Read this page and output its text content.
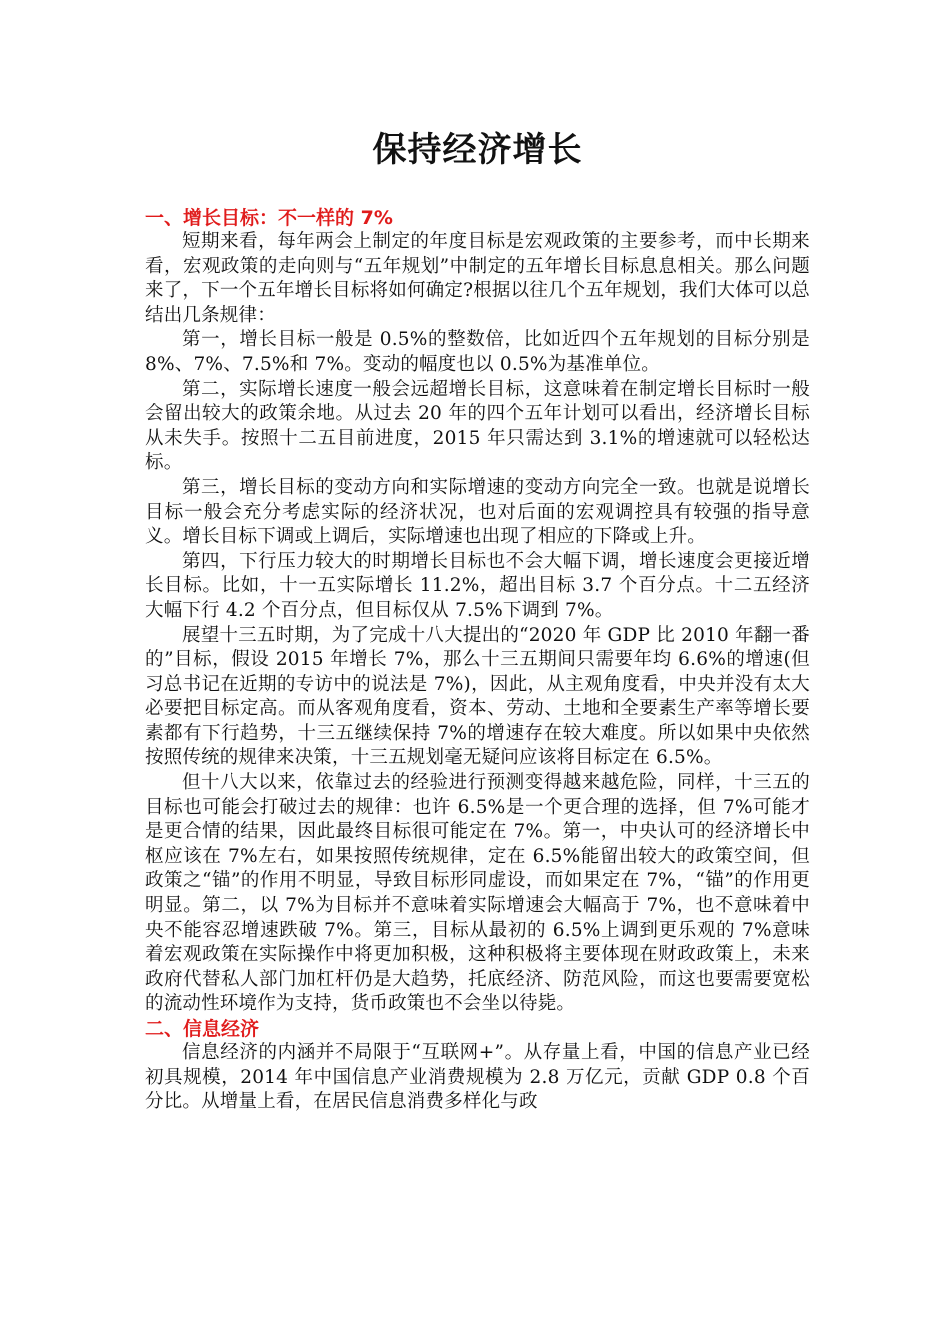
保持经济增长
一、增长目标：不一样的 7%

短期来看，每年两会上制定的年度目标是宏观政策的主要参考，而中长期来看，宏观政策的走向则与“五年规划”中制定的五年增长目标息息相关。那么问题来了，下一个五年增长目标将如何确定?根据以往几个五年规划，我们大体可以总结出几条规律：

第一，增长目标一般是 0.5%的整数倍，比如近四个五年规划的目标分别是 8%、7%、7.5%和 7%。变动的幅度也以 0.5%为基准单位。

第二，实际增长速度一般会远超增长目标，这意味着在制定增长目标时一般会留出较大的政策余地。从过去 20 年的四个五年计划可以看出，经济增长目标从未失手。按照十二五目前进度，2015 年只需达到 3.1%的增速就可以轻松达标。

第三，增长目标的变动方向和实际增速的变动方向完全一致。也就是说增长目标一般会充分考虑实际的经济状况，也对后面的宏观调控具有较强的指导意义。增长目标下调或上调后，实际增速也出现了相应的下降或上升。

第四，下行压力较大的时期增长目标也不会大幅下调，增长速度会更接近增长目标。比如，十一五实际增长 11.2%，超出目标 3.7 个百分点。十二五经济大幅下行 4.2 个百分点，但目标仅从 7.5%下调到 7%。

展望十三五时期，为了完成十八大提出的“2020 年 GDP 比 2010 年翻一番的”目标，假设 2015 年增长 7%，那么十三五期间只需要年均 6.6%的增速(但习总书记在近期的专访中的说法是 7%)，因此，从主观角度看，中央并没有太大必要把目标定高。而从客观角度看，资本、劳动、土地和全要素生产率等增长要素都有下行趋势，十三五继续保持 7%的增速存在较大难度。所以如果中央依然按照传统的规律来决策，十三五规划毫无疑问应该将目标定在 6.5%。

但十八大以来，依靠过去的经验进行预测变得越来越危险，同样，十三五的目标也可能会打破过去的规律：也许 6.5%是一个更合理的选择，但 7%可能才是更合情的结果，因此最终目标很可能定在 7%。第一，中央认可的经济增长中枢应该在 7%左右，如果按照传统规律，定在 6.5%能留出较大的政策空间，但政策之“锚”的作用不明显，导致目标形同虚设，而如果定在 7%，“锚”的作用更明显。第二，以 7%为目标并不意味着实际增速会大幅高于 7%，也不意味着中央不能容忍增速跌破 7%。第三，目标从最初的 6.5%上调到更乐观的 7%意味着宏观政策在实际操作中将更加积极，这种积极将主要体现在财政政策上，未来政府代替私人部门加杠杆仍是大趋势，托底经济、防范风险，而这也要需要宽松的流动性环境作为支持，货币政策也不会坐以待毙。

二、信息经济

信息经济的内涵并不局限于“互联网+”。从存量上看，中国的信息产业已经初具规模，2014 年中国信息产业消费规模为 2.8 万亿元，贡献 GDP 0.8 个百分比。从增量上看，在居民信息消费多样化与政
